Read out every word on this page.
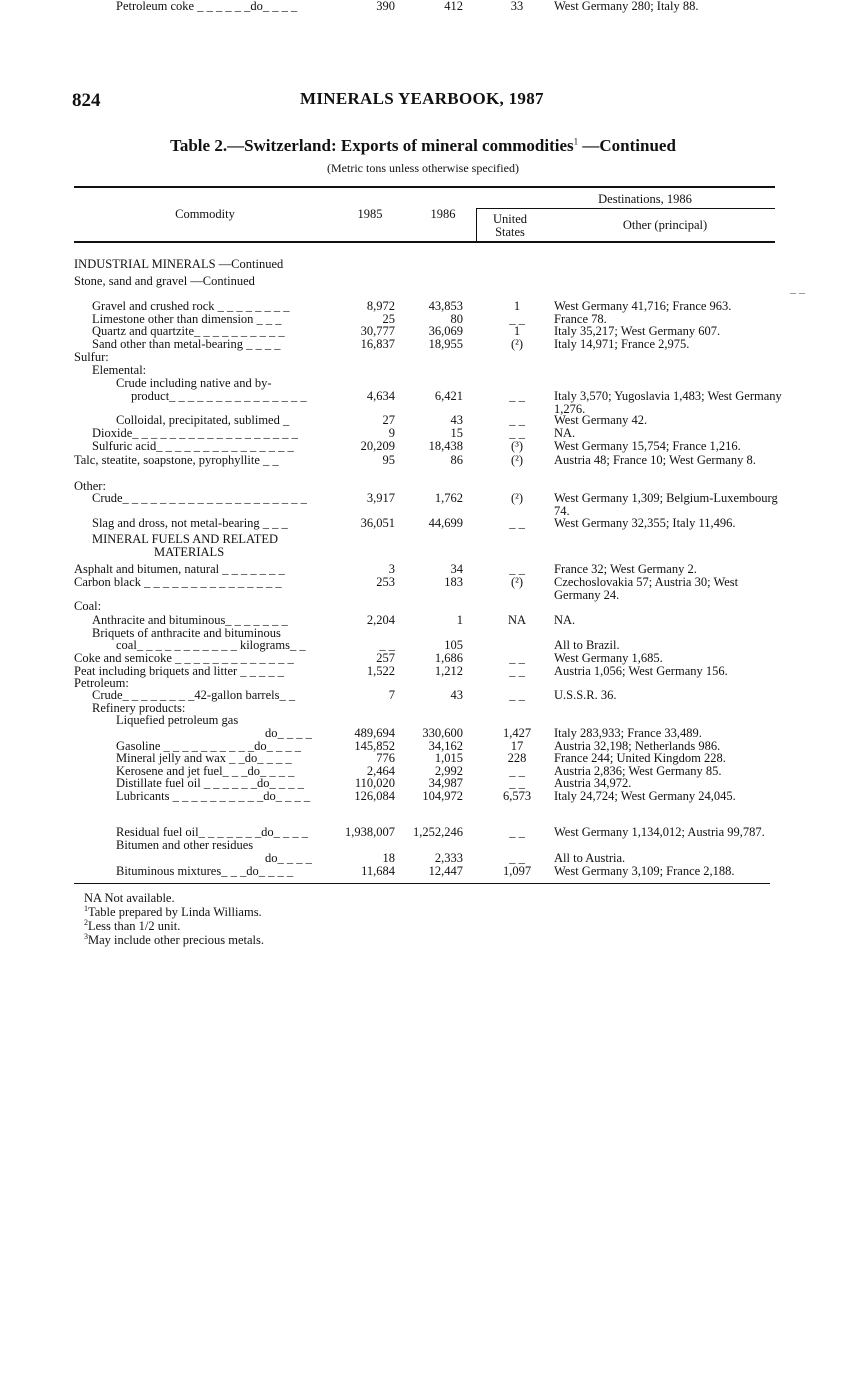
824	MINERALS YEARBOOK, 1987
Table 2.—Switzerland: Exports of mineral commodities$^1$ —Continued
(Metric tons unless otherwise specified)
Commodity	1985	1986
Destinations, 1986
United
States	Other (principal)
_ _
INDUSTRIAL MINERALS —Continued
Stone, sand and gravel —Continued
Gravel and crushed rock _ _ _ _ _ _ _ _	8,972	43,853	1	West Germany 41,716; France 963.
Limestone other than dimension _ _ _	25	80	_ _	France 78.
Quartz and quartzite_ _ _ _ _ _ _ _ _ _	30,777	36,069	1	Italy 35,217; West Germany 607.
Sand other than metal-bearing _ _ _ _	16,837	18,955	(²)	Italy 14,971; France 2,975.
Sulfur:
Elemental:
Crude including native and by-
product_ _ _ _ _ _ _ _ _ _ _ _ _ _ _	4,634	6,421	_ _	Italy 3,570; Yugoslavia 1,483; West Germany 1,276.
Colloidal, precipitated, sublimed _	27	43	_ _	West Germany 42.
Dioxide_ _ _ _ _ _ _ _ _ _ _ _ _ _ _ _ _ _	9	15	_ _	NA.
Sulfuric acid_ _ _ _ _ _ _ _ _ _ _ _ _ _ _	20,209	18,438	(³)	West Germany 15,754; France 1,216.
Talc, steatite, soapstone, pyrophyllite _ _	95	86	(²)	Austria 48; France 10; West Germany 8.
Other:
Crude_ _ _ _ _ _ _ _ _ _ _ _ _ _ _ _ _ _ _ _	3,917	1,762	(²)	West Germany 1,309; Belgium-Luxembourg 74.
Slag and dross, not metal-bearing _ _ _	36,051	44,699	_ _	West Germany 32,355; Italy 11,496.
MINERAL FUELS AND RELATED
MATERIALS
Asphalt and bitumen, natural _ _ _ _ _ _ _	3	34	_ _	France 32; West Germany 2.
Carbon black _ _ _ _ _ _ _ _ _ _ _ _ _ _ _	253	183	(²)	Czechoslovakia 57; Austria 30; West Germany 24.
Coal:
Anthracite and bituminous_ _ _ _ _ _ _	2,204	1	NA	NA.
Briquets of anthracite and bituminous
coal_ _ _ _ _ _ _ _ _ _ _ kilograms_ _	_ _	105	All to Brazil.
Coke and semicoke _ _ _ _ _ _ _ _ _ _ _ _ _	257	1,686	_ _	West Germany 1,685.
Peat including briquets and litter _ _ _ _ _	1,522	1,212	_ _	Austria 1,056; West Germany 156.
Petroleum:
Crude_ _ _ _ _ _ _ _42-gallon barrels_ _	7	43	_ _	U.S.S.R. 36.
Refinery products:
Liquefied petroleum gas
do_ _ _ _	489,694	330,600	1,427	Italy 283,933; France 33,489.
Gasoline _ _ _ _ _ _ _ _ _ _do_ _ _ _	145,852	34,162	17	Austria 32,198; Netherlands 986.
Mineral jelly and wax _ _do_ _ _ _	776	1,015	228	France 244; United Kingdom 228.
Kerosene and jet fuel_ _ _do_ _ _ _	2,464	2,992	_ _	Austria 2,836; West Germany 85.
Distillate fuel oil _ _ _ _ _ _do_ _ _ _	110,020	34,987	_ _	Austria 34,972.
Lubricants _ _ _ _ _ _ _ _ _ _do_ _ _ _	126,084	104,972	6,573	Italy 24,724; West Germany 24,045.
Residual fuel oil_ _ _ _ _ _ _do_ _ _ _	1,938,007	1,252,246	_ _	West Germany 1,134,012; Austria 99,787.
Bitumen and other residues
do_ _ _ _	18	2,333	_ _	All to Austria.
Bituminous mixtures_ _ _do_ _ _ _	11,684	12,447	1,097	West Germany 3,109; France 2,188.
Petroleum coke _ _ _ _ _ _do_ _ _ _	390	412	33	West Germany 280; Italy 88.
NA Not available.
$^1$Table prepared by Linda Williams.
$^2$Less than 1/2 unit.
$^3$May include other precious metals.
